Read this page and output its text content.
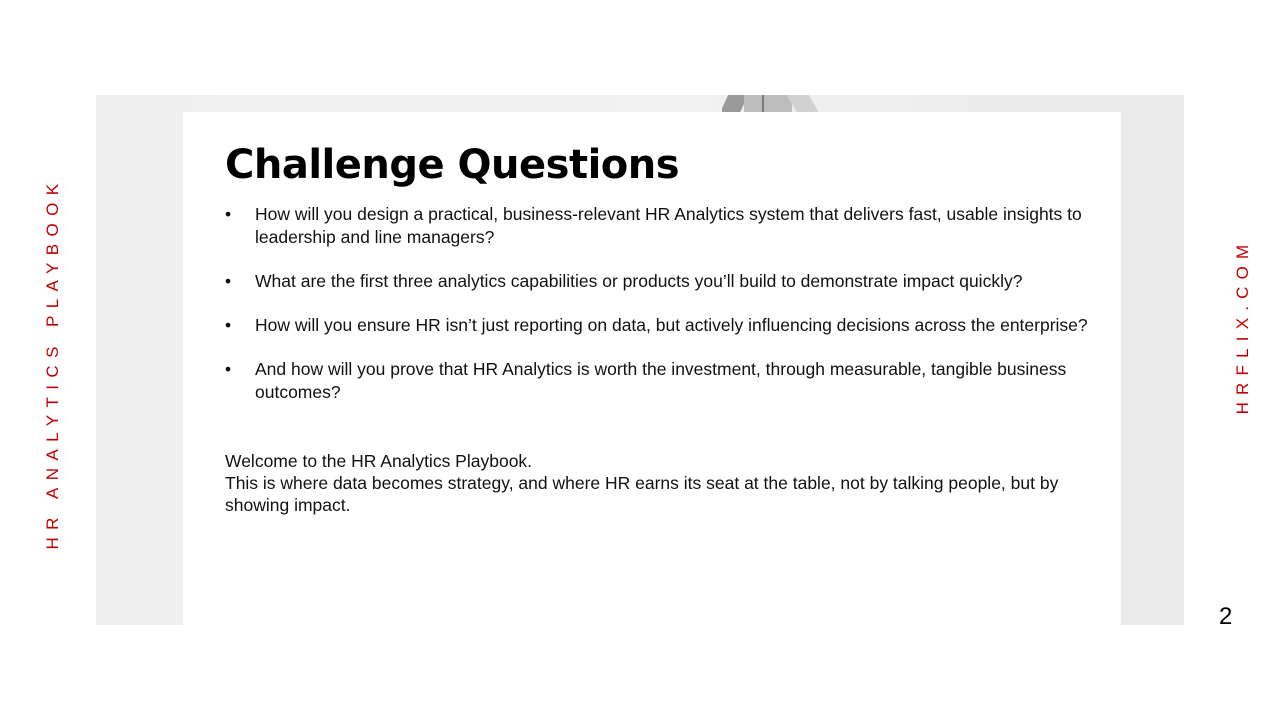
Challenge Questions
• How will you design a practical, business-relevant HR Analytics system that delivers fast, usable insights to leadership and line managers?
• What are the first three analytics capabilities or products you’ll build to demonstrate impact quickly?
• How will you ensure HR isn’t just reporting on data, but actively influencing decisions across the enterprise?
• And how will you prove that HR Analytics is worth the investment, through measurable, tangible business outcomes?

Welcome to the HR Analytics Playbook.

This is where data becomes strategy, and where HR earns its seat at the table, not by talking people, but by showing impact.

HR ANALYTICS PLAYBOOK	HRFLIX.COM
2
